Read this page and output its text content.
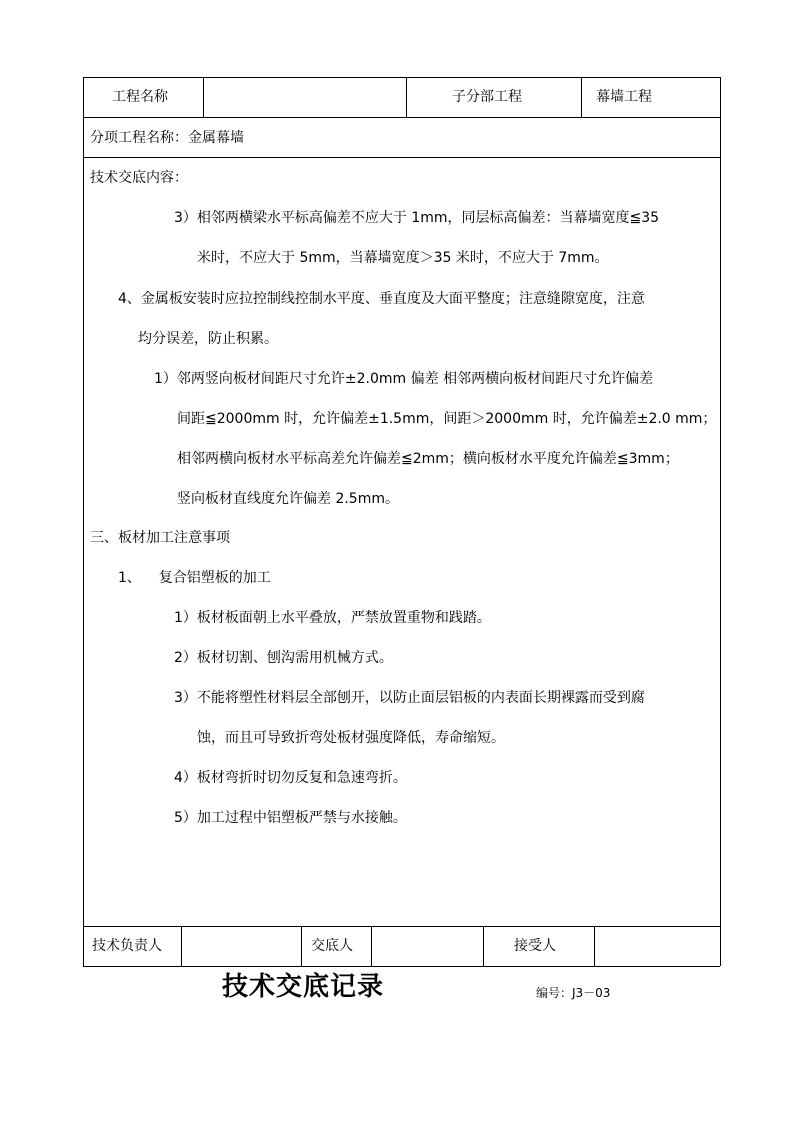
工程名称	子分部工程	幕墙工程
分项工程名称：金属幕墙
技术交底内容：
3）相邻两横梁水平标高偏差不应大于 1mm，同层标高偏差：当幕墙宽度≦35
米时，不应大于 5mm，当幕墙宽度＞35 米时，不应大于 7mm。
4、金属板安装时应拉控制线控制水平度、垂直度及大面平整度；注意缝隙宽度，注意
均分误差，防止积累。
1）邻两竖向板材间距尺寸允许±2.0mm 偏差 相邻两横向板材间距尺寸允许偏差
间距≦2000mm 时，允许偏差±1.5mm，间距＞2000mm 时，允许偏差±2.0 mm；
相邻两横向板材水平标高差允许偏差≦2mm；横向板材水平度允许偏差≦3mm；
竖向板材直线度允许偏差 2.5mm。
三、板材加工注意事项
1、    复合铝塑板的加工
1）板材板面朝上水平叠放，严禁放置重物和践踏。
2）板材切割、刨沟需用机械方式。
3）不能将塑性材料层全部刨开，以防止面层铝板的内表面长期裸露而受到腐
蚀，而且可导致折弯处板材强度降低，寿命缩短。
4）板材弯折时切勿反复和急速弯折。
5）加工过程中铝塑板严禁与水接触。
技术负责人	交底人	接受人
技术交底记录	编号：J3－03
